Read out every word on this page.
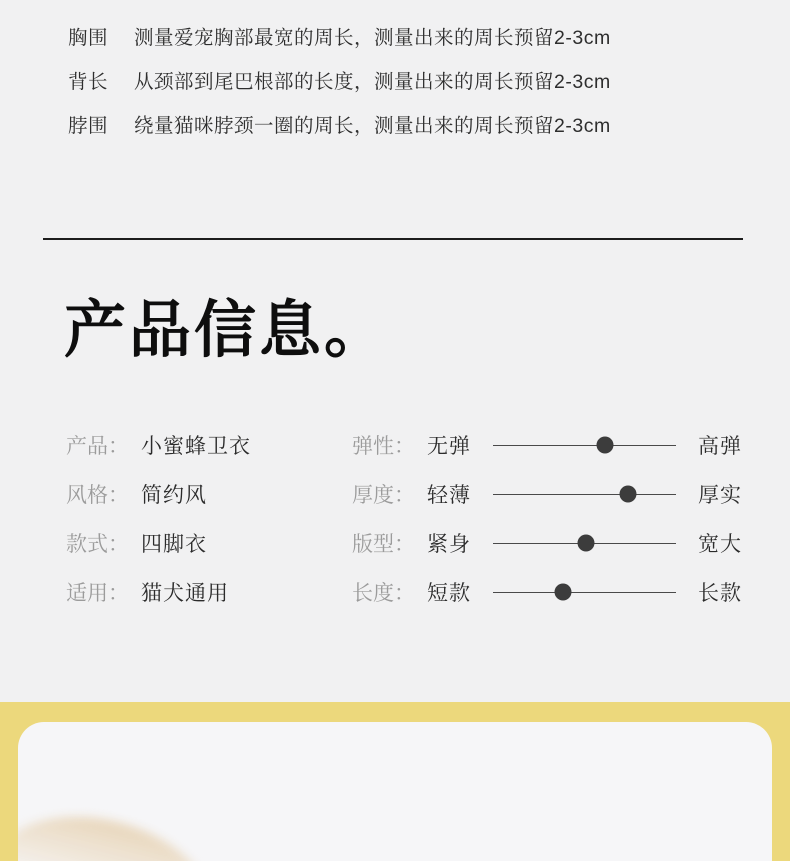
胸围 测量爱宠胸部最宽的周长，测量出来的周长预留2-3cm
背长 从颈部到尾巴根部的长度，测量出来的周长预留2-3cm
脖围 绕量猫咪脖颈一圈的周长，测量出来的周长预留2-3cm
产品信息。
产品： 小蜜蜂卫衣
风格： 简约风
款式： 四脚衣
适用： 猫犬通用
弹性： 无弹	高弹
厚度： 轻薄	厚实
版型： 紧身	宽大
长度： 短款	长款
